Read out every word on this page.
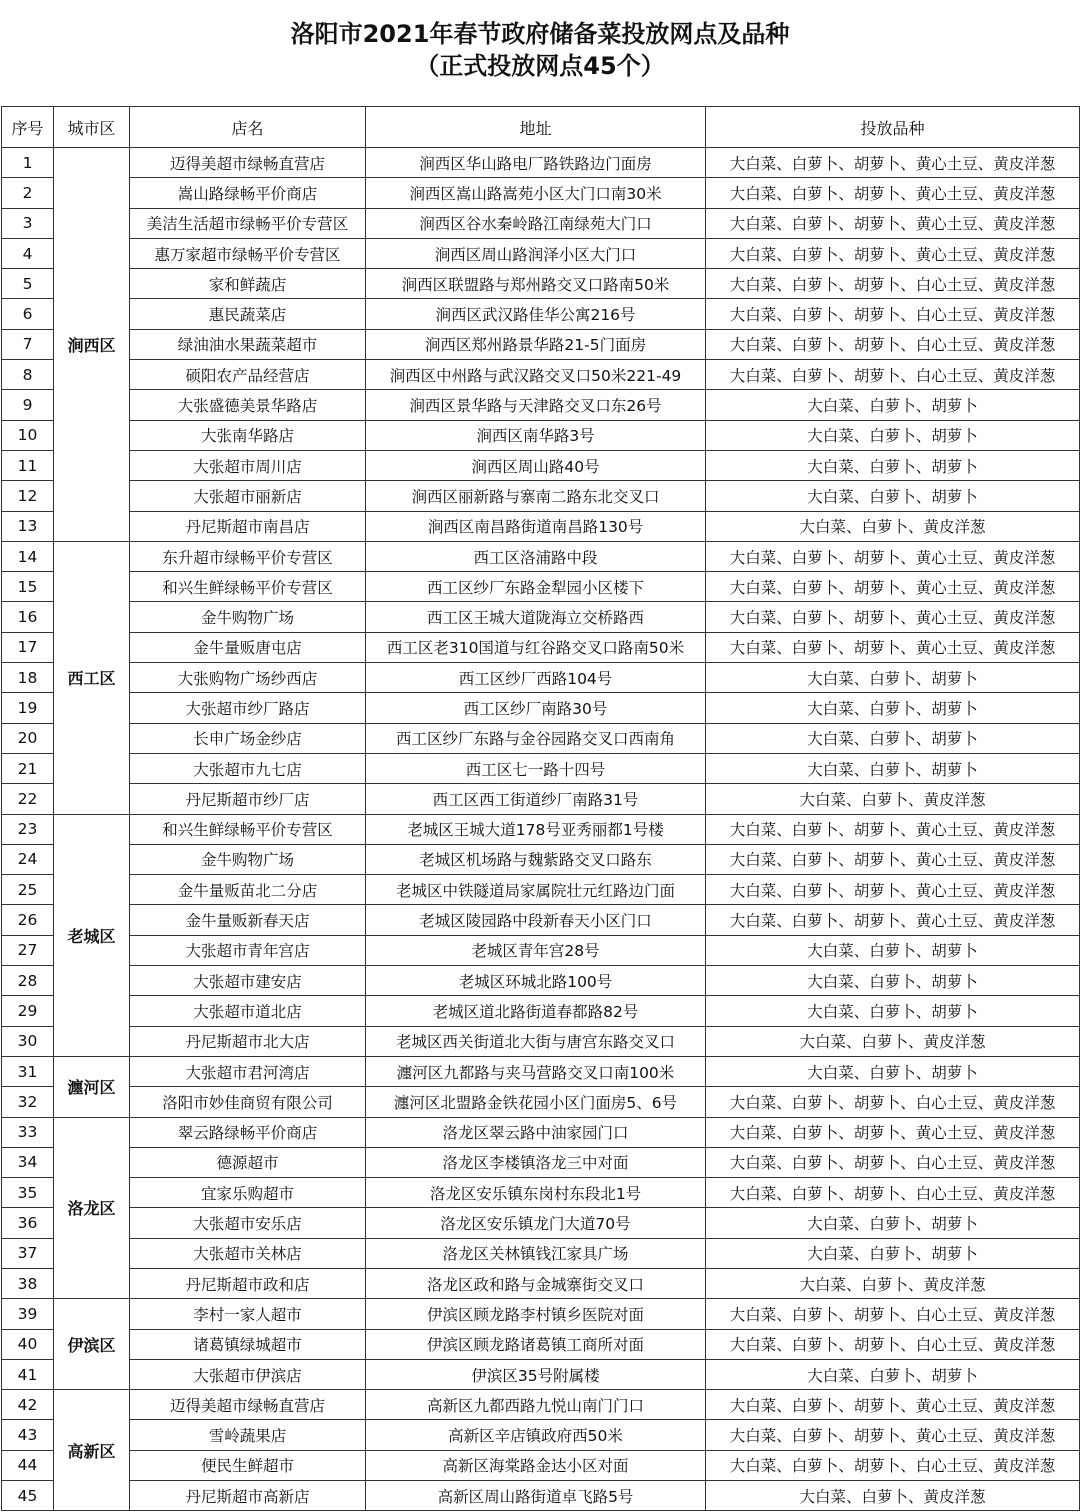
洛阳市2021年春节政府储备菜投放网点及品种

（正式投放网点45个）

序号	城市区	店名	地址	投放品种
1	涧西区	迈得美超市绿畅直营店	涧西区华山路电厂路铁路边门面房	大白菜、白萝卜、胡萝卜、黄心土豆、黄皮洋葱
2		嵩山路绿畅平价商店	涧西区嵩山路嵩苑小区大门口南30米	大白菜、白萝卜、胡萝卜、黄心土豆、黄皮洋葱
3		美洁生活超市绿畅平价专营区	涧西区谷水秦岭路江南绿苑大门口	大白菜、白萝卜、胡萝卜、黄心土豆、黄皮洋葱
4		惠万家超市绿畅平价专营区	涧西区周山路润泽小区大门口	大白菜、白萝卜、胡萝卜、黄心土豆、黄皮洋葱
5		家和鲜蔬店	涧西区联盟路与郑州路交叉口路南50米	大白菜、白萝卜、胡萝卜、白心土豆、黄皮洋葱
6		惠民蔬菜店	涧西区武汉路佳华公寓216号	大白菜、白萝卜、胡萝卜、白心土豆、黄皮洋葱
7		绿油油水果蔬菜超市	涧西区郑州路景华路21-5门面房	大白菜、白萝卜、胡萝卜、白心土豆、黄皮洋葱
8		硕阳农产品经营店	涧西区中州路与武汉路交叉口50米221-49	大白菜、白萝卜、胡萝卜、白心土豆、黄皮洋葱
9		大张盛德美景华路店	涧西区景华路与天津路交叉口东26号	大白菜、白萝卜、胡萝卜
10		大张南华路店	涧西区南华路3号	大白菜、白萝卜、胡萝卜
11		大张超市周川店	涧西区周山路40号	大白菜、白萝卜、胡萝卜
12		大张超市丽新店	涧西区丽新路与寨南二路东北交叉口	大白菜、白萝卜、胡萝卜
13		丹尼斯超市南昌店	涧西区南昌路街道南昌路130号	大白菜、白萝卜、黄皮洋葱
14	西工区	东升超市绿畅平价专营区	西工区洛浦路中段	大白菜、白萝卜、胡萝卜、黄心土豆、黄皮洋葱
15		和兴生鲜绿畅平价专营区	西工区纱厂东路金犁园小区楼下	大白菜、白萝卜、胡萝卜、黄心土豆、黄皮洋葱
16		金牛购物广场	西工区王城大道陇海立交桥路西	大白菜、白萝卜、胡萝卜、黄心土豆、黄皮洋葱
17		金牛量贩唐屯店	西工区老310国道与红谷路交叉口路南50米	大白菜、白萝卜、胡萝卜、黄心土豆、黄皮洋葱
18		大张购物广场纱西店	西工区纱厂西路104号	大白菜、白萝卜、胡萝卜
19		大张超市纱厂路店	西工区纱厂南路30号	大白菜、白萝卜、胡萝卜
20		长申广场金纱店	西工区纱厂东路与金谷园路交叉口西南角	大白菜、白萝卜、胡萝卜
21		大张超市九七店	西工区七一路十四号	大白菜、白萝卜、胡萝卜
22		丹尼斯超市纱厂店	西工区西工街道纱厂南路31号	大白菜、白萝卜、黄皮洋葱
23	老城区	和兴生鲜绿畅平价专营区	老城区王城大道178号亚秀丽都1号楼	大白菜、白萝卜、胡萝卜、黄心土豆、黄皮洋葱
24		金牛购物广场	老城区机场路与魏紫路交叉口路东	大白菜、白萝卜、胡萝卜、黄心土豆、黄皮洋葱
25		金牛量贩苗北二分店	老城区中铁隧道局家属院壮元红路边门面	大白菜、白萝卜、胡萝卜、黄心土豆、黄皮洋葱
26		金牛量贩新春天店	老城区陵园路中段新春天小区门口	大白菜、白萝卜、胡萝卜、黄心土豆、黄皮洋葱
27		大张超市青年宫店	老城区青年宫28号	大白菜、白萝卜、胡萝卜
28		大张超市建安店	老城区环城北路100号	大白菜、白萝卜、胡萝卜
29		大张超市道北店	老城区道北路街道春都路82号	大白菜、白萝卜、胡萝卜
30		丹尼斯超市北大店	老城区西关街道北大街与唐宫东路交叉口	大白菜、白萝卜、黄皮洋葱
31	瀍河区	大张超市君河湾店	瀍河区九都路与夹马营路交叉口南100米	大白菜、白萝卜、胡萝卜
32		洛阳市妙佳商贸有限公司	瀍河区北盟路金铁花园小区门面房5、6号	大白菜、白萝卜、胡萝卜、白心土豆、黄皮洋葱
33	洛龙区	翠云路绿畅平价商店	洛龙区翠云路中油家园门口	大白菜、白萝卜、胡萝卜、黄心土豆、黄皮洋葱
34		德源超市	洛龙区李楼镇洛龙三中对面	大白菜、白萝卜、胡萝卜、白心土豆、黄皮洋葱
35		宜家乐购超市	洛龙区安乐镇东岗村东段北1号	大白菜、白萝卜、胡萝卜、白心土豆、黄皮洋葱
36		大张超市安乐店	洛龙区安乐镇龙门大道70号	大白菜、白萝卜、胡萝卜
37		大张超市关林店	洛龙区关林镇钱江家具广场	大白菜、白萝卜、胡萝卜
38		丹尼斯超市政和店	洛龙区政和路与金城寨街交叉口	大白菜、白萝卜、黄皮洋葱
39	伊滨区	李村一家人超市	伊滨区顾龙路李村镇乡医院对面	大白菜、白萝卜、胡萝卜、白心土豆、黄皮洋葱
40		诸葛镇绿城超市	伊滨区顾龙路诸葛镇工商所对面	大白菜、白萝卜、胡萝卜、白心土豆、黄皮洋葱
41		大张超市伊滨店	伊滨区35号附属楼	大白菜、白萝卜、胡萝卜
42	高新区	迈得美超市绿畅直营店	高新区九都西路九悦山南门门口	大白菜、白萝卜、胡萝卜、黄心土豆、黄皮洋葱
43		雪岭蔬果店	高新区辛店镇政府西50米	大白菜、白萝卜、胡萝卜、黄心土豆、黄皮洋葱
44		便民生鲜超市	高新区海棠路金达小区对面	大白菜、白萝卜、胡萝卜、白心土豆、黄皮洋葱
45		丹尼斯超市高新店	高新区周山路街道卓飞路5号	大白菜、白萝卜、黄皮洋葱
